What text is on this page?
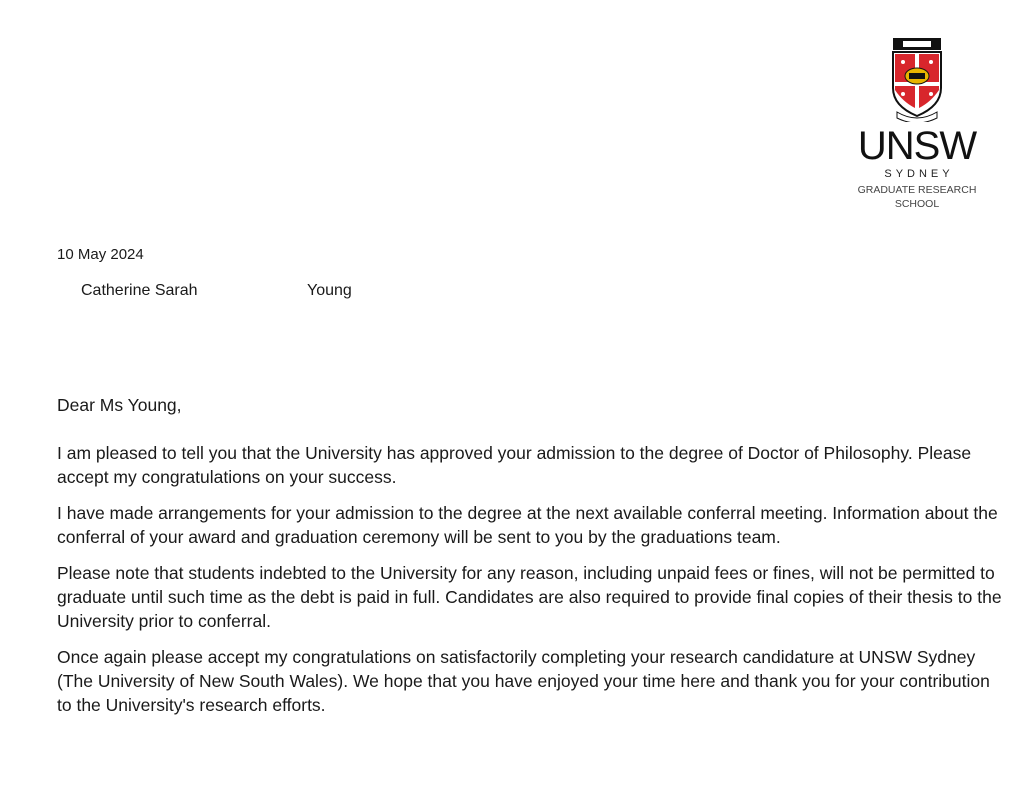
UNSW
SYDNEY
GRADUATE RESEARCH
SCHOOL
10 May 2024
Catherine Sarah	Young
Dear Ms Young,

I am pleased to tell you that the University has approved your admission to the degree of Doctor of Philosophy. Please accept my congratulations on your success.

I have made arrangements for your admission to the degree at the next available conferral meeting. Information about the conferral of your award and graduation ceremony will be sent to you by the graduations team.

Please note that students indebted to the University for any reason, including unpaid fees or fines, will not be permitted to graduate until such time as the debt is paid in full. Candidates are also required to provide final copies of their thesis to the University prior to conferral.

Once again please accept my congratulations on satisfactorily completing your research candidature at UNSW Sydney (The University of New South Wales). We hope that you have enjoyed your time here and thank you for your contribution to the University's research efforts.
